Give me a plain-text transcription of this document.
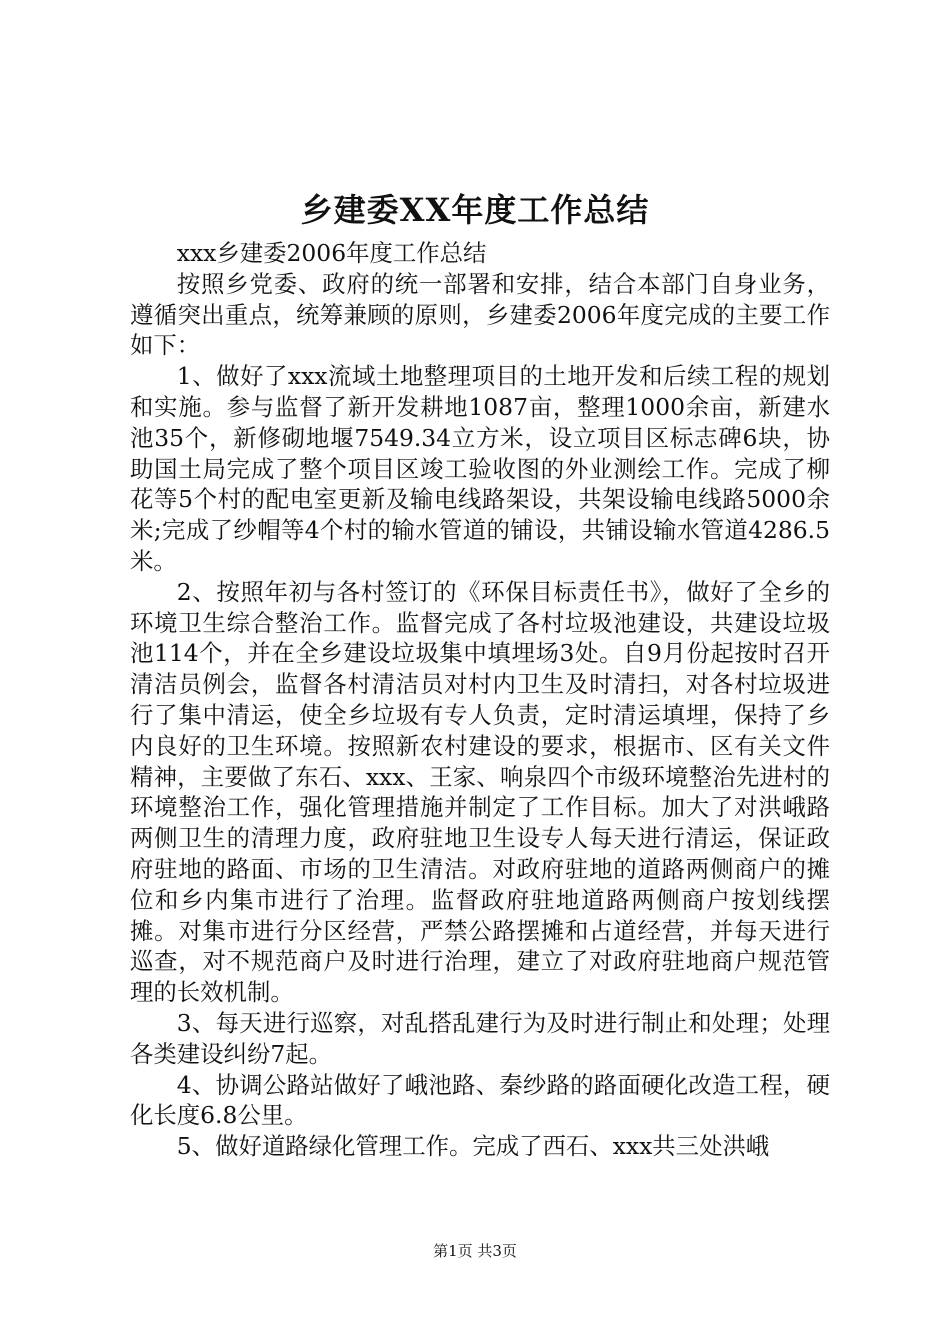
乡建委XX年度工作总结

xxx乡建委2006年度工作总结

按照乡党委、政府的统一部署和安排，结合本部门自身业务，遵循突出重点，统筹兼顾的原则，乡建委2006年度完成的主要工作如下：

1、做好了xxx流域土地整理项目的土地开发和后续工程的规划和实施。参与监督了新开发耕地1087亩，整理1000余亩，新建水池35个，新修砌地堰7549.34立方米，设立项目区标志碑6块，协助国土局完成了整个项目区竣工验收图的外业测绘工作。完成了柳花等5个村的配电室更新及输电线路架设，共架设输电线路5000余米;完成了纱帽等4个村的输水管道的铺设，共铺设输水管道4286.5米。

2、按照年初与各村签订的《环保目标责任书》，做好了全乡的环境卫生综合整治工作。监督完成了各村垃圾池建设，共建设垃圾池114个，并在全乡建设垃圾集中填埋场3处。自9月份起按时召开清洁员例会，监督各村清洁员对村内卫生及时清扫，对各村垃圾进行了集中清运，使全乡垃圾有专人负责，定时清运填埋，保持了乡内良好的卫生环境。按照新农村建设的要求，根据市、区有关文件精神，主要做了东石、xxx、王家、响泉四个市级环境整治先进村的环境整治工作，强化管理措施并制定了工作目标。加大了对洪峨路两侧卫生的清理力度，政府驻地卫生设专人每天进行清运，保证政府驻地的路面、市场的卫生清洁。对政府驻地的道路两侧商户的摊位和乡内集市进行了治理。监督政府驻地道路两侧商户按划线摆摊。对集市进行分区经营，严禁公路摆摊和占道经营，并每天进行巡查，对不规范商户及时进行治理，建立了对政府驻地商户规范管理的长效机制。

3、每天进行巡察，对乱搭乱建行为及时进行制止和处理；处理各类建设纠纷7起。

4、协调公路站做好了峨池路、秦纱路的路面硬化改造工程，硬化长度6.8公里。

5、做好道路绿化管理工作。完成了西石、xxx共三处洪峨

第1页 共3页
